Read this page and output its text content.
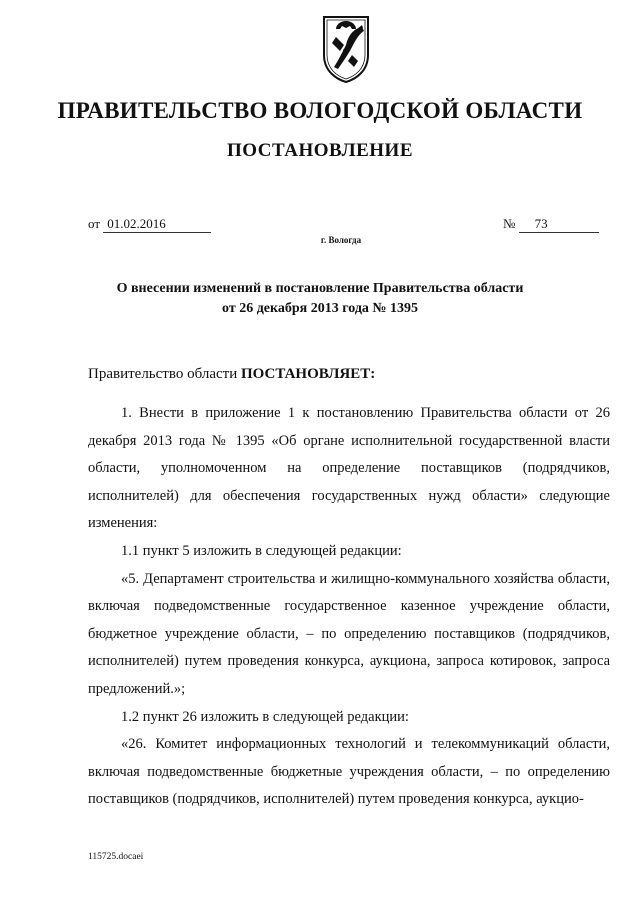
ПРАВИТЕЛЬСТВО ВОЛОГОДСКОЙ ОБЛАСТИ
ПОСТАНОВЛЕНИЕ
от 01.02.2016	№ 73
г. Вологда
О внесении изменений в постановление Правительства области
от 26 декабря 2013 года № 1395
Правительство области ПОСТАНОВЛЯЕТ:

1. Внести в приложение 1 к постановлению Правительства области от 26 декабря 2013 года № 1395 «Об органе исполнительной государственной власти области, уполномоченном на определение поставщиков (подрядчиков, исполнителей) для обеспечения государственных нужд области» следующие изменения:

1.1 пункт 5 изложить в следующей редакции:

«5. Департамент строительства и жилищно-коммунального хозяйства области, включая подведомственные государственное казенное учреждение области, бюджетное учреждение области, – по определению поставщиков (подрядчиков, исполнителей) путем проведения конкурса, аукциона, запроса котировок, запроса предложений.»;

1.2 пункт 26 изложить в следующей редакции:

«26. Комитет информационных технологий и телекоммуникаций области, включая подведомственные бюджетные учреждения области, – по определению поставщиков (подрядчиков, исполнителей) путем проведения конкурса, аукцио-

115725.docaei
